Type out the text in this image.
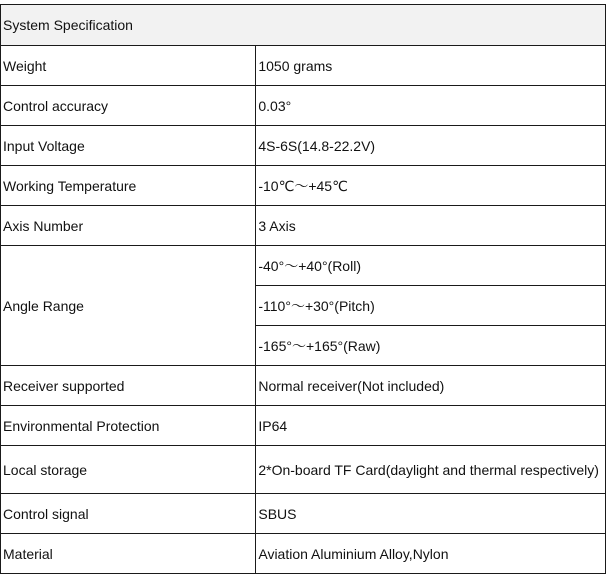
System Specification	
Weight	1050 grams
Control accuracy	0.03°
Input Voltage	4S-6S(14.8-22.2V)
Working Temperature	-10℃～+45℃
Axis Number	3 Axis
Angle Range	-40°～+40°(Roll)
	-110°～+30°(Pitch)
	-165°～+165°(Raw)
Receiver supported	Normal receiver(Not included)
Environmental Protection	IP64
Local storage	2*On-board TF Card(daylight and thermal respectively)
Control signal	SBUS
Material	Aviation Aluminium Alloy,Nylon
